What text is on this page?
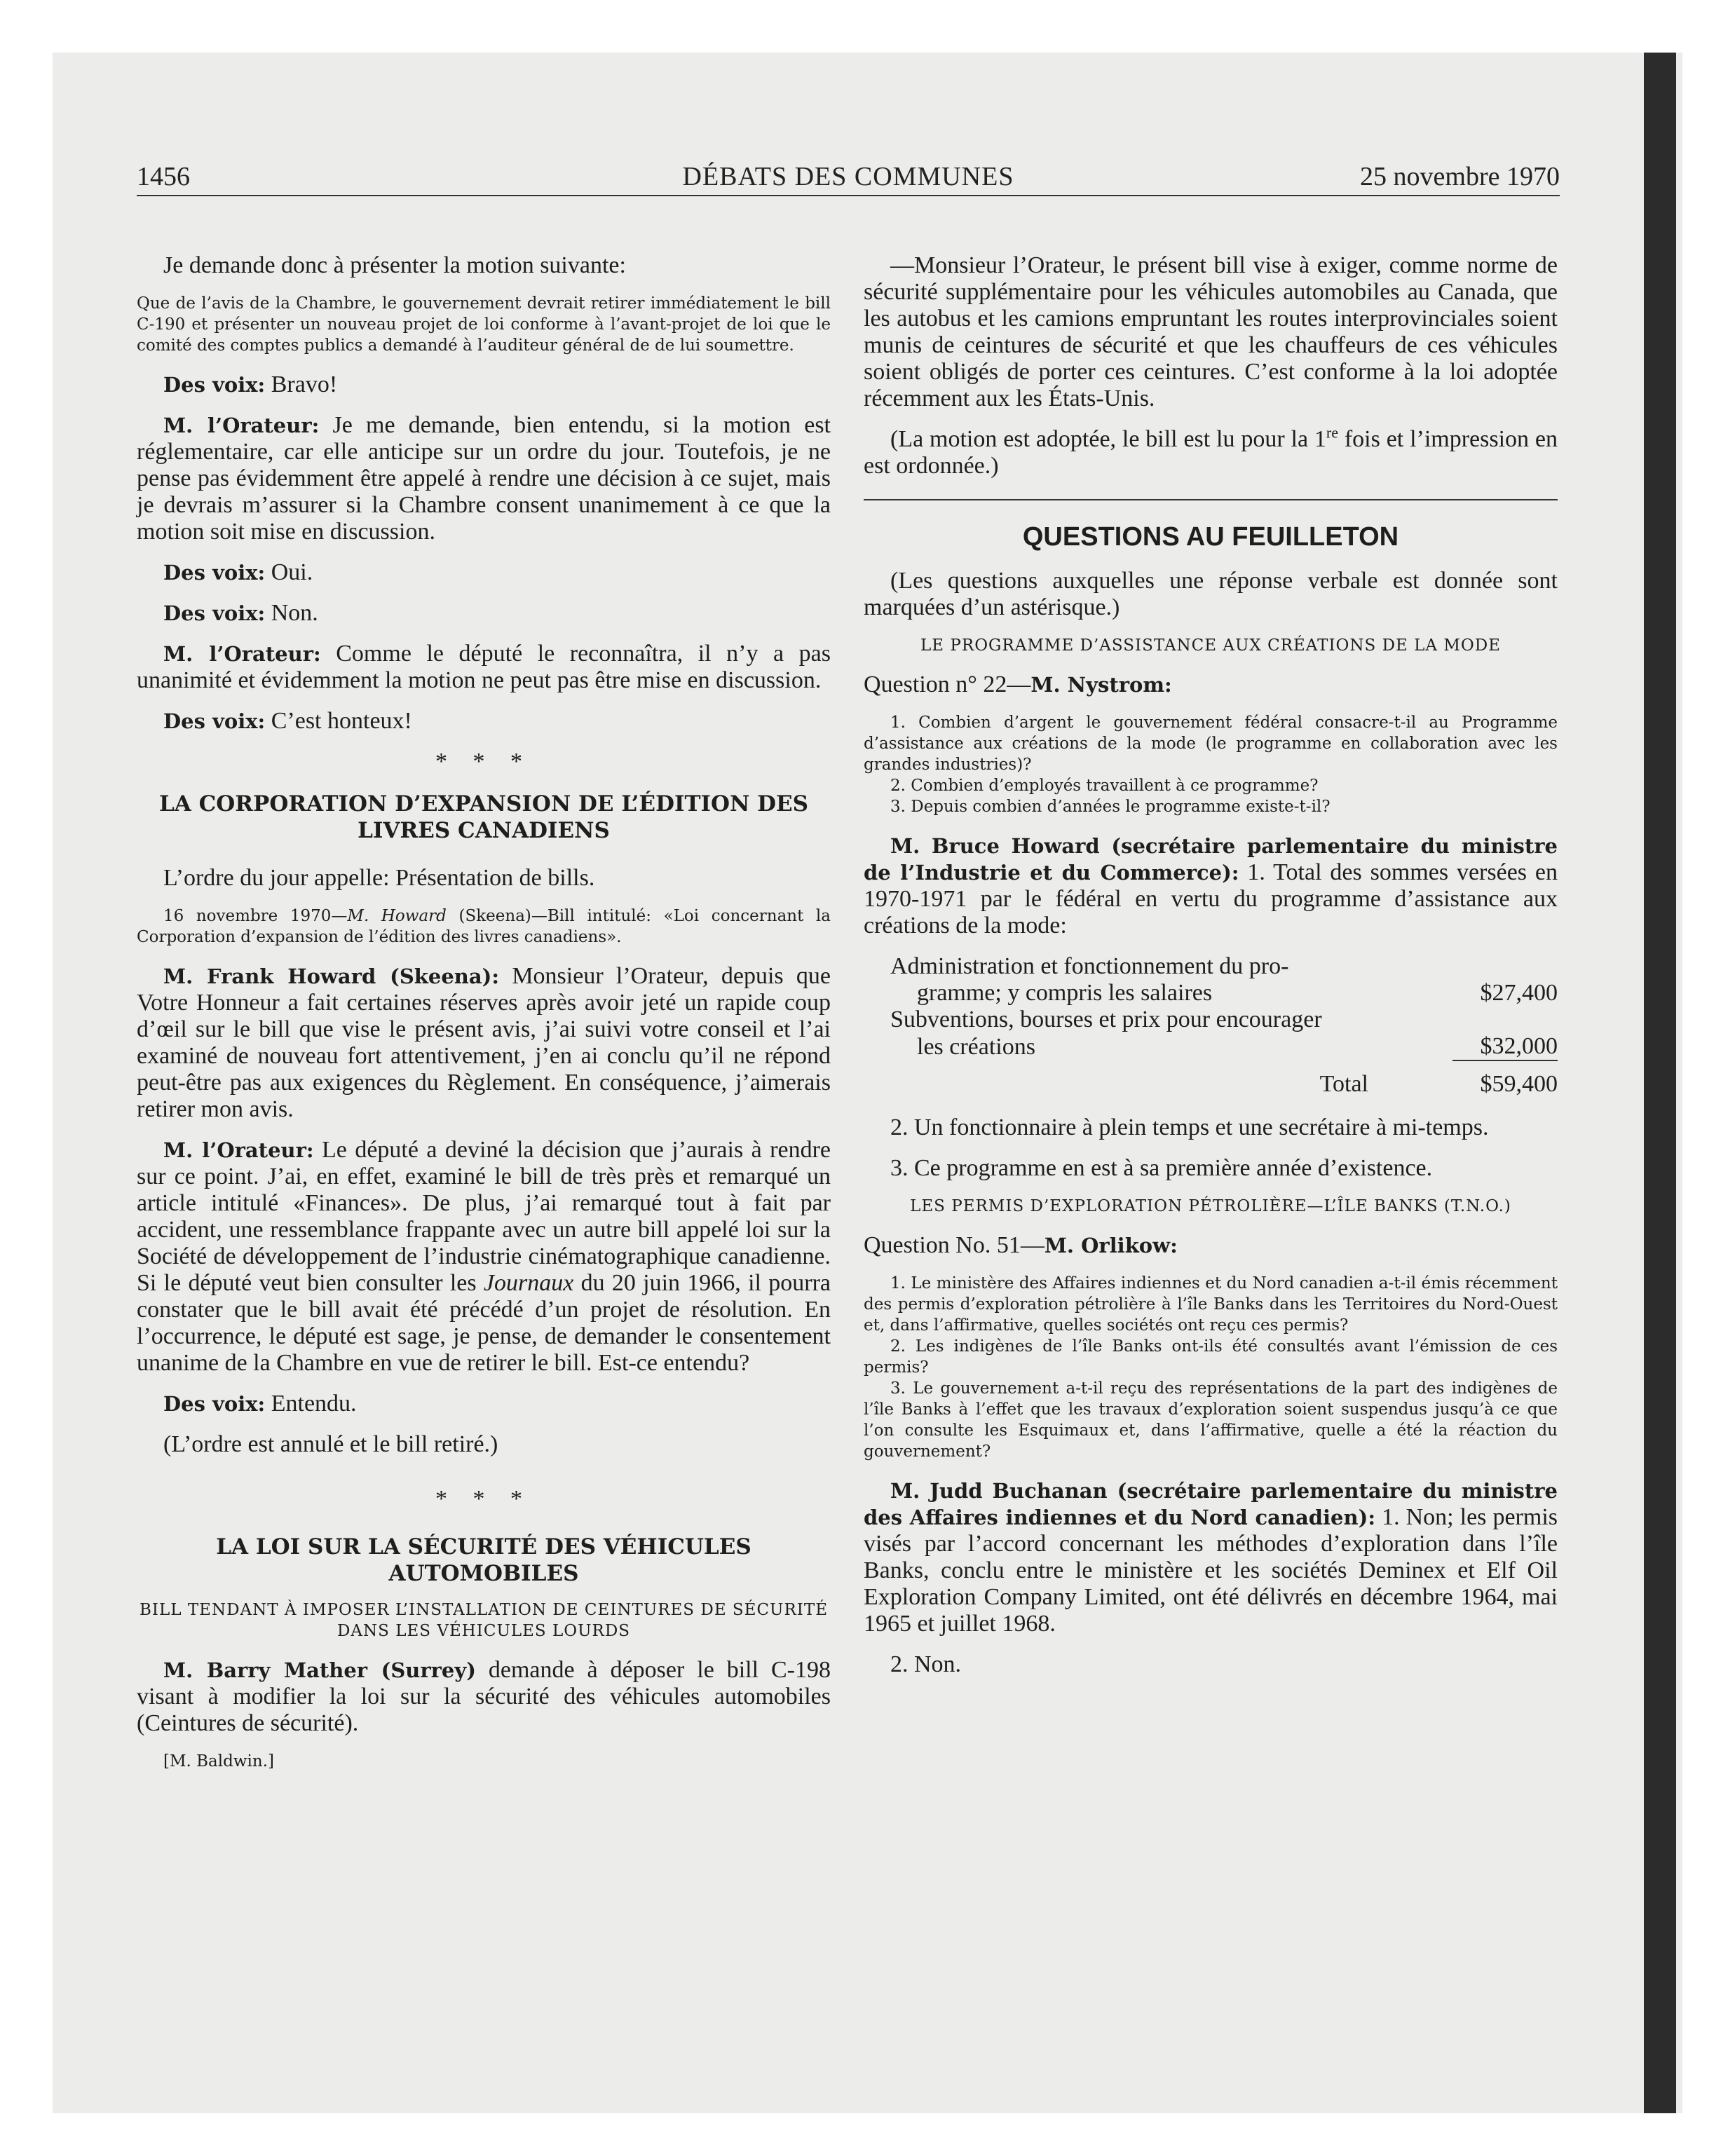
1456	DÉBATS DES COMMUNES	25 novembre 1970

Je demande donc à présenter la motion suivante:

Que de l’avis de la Chambre, le gouvernement devrait retirer immédiatement le bill C-190 et présenter un nouveau projet de loi conforme à l’avant-projet de loi que le comité des comptes publics a demandé à l’auditeur général de de lui soumettre.

Des voix: Bravo!

M. l’Orateur: Je me demande, bien entendu, si la motion est réglementaire, car elle anticipe sur un ordre du jour. Toutefois, je ne pense pas évidemment être appelé à rendre une décision à ce sujet, mais je devrais m’assurer si la Chambre consent unanimement à ce que la motion soit mise en discussion.

Des voix: Oui.

Des voix: Non.

M. l’Orateur: Comme le député le reconnaîtra, il n’y a pas unanimité et évidemment la motion ne peut pas être mise en discussion.

Des voix: C’est honteux!

* * *
LA CORPORATION D’EXPANSION DE L’ÉDITION DES LIVRES CANADIENS

L’ordre du jour appelle: Présentation de bills.

16 novembre 1970—M. Howard (Skeena)—Bill intitulé: «Loi concernant la Corporation d’expansion de l’édition des livres canadiens».

M. Frank Howard (Skeena): Monsieur l’Orateur, depuis que Votre Honneur a fait certaines réserves après avoir jeté un rapide coup d’œil sur le bill que vise le présent avis, j’ai suivi votre conseil et l’ai examiné de nouveau fort attentivement, j’en ai conclu qu’il ne répond peut-être pas aux exigences du Règlement. En conséquence, j’aimerais retirer mon avis.

M. l’Orateur: Le député a deviné la décision que j’aurais à rendre sur ce point. J’ai, en effet, examiné le bill de très près et remarqué un article intitulé «Finances». De plus, j’ai remarqué tout à fait par accident, une ressemblance frappante avec un autre bill appelé loi sur la Société de développement de l’industrie cinématographique canadienne. Si le député veut bien consulter les Journaux du 20 juin 1966, il pourra constater que le bill avait été précédé d’un projet de résolution. En l’occurrence, le député est sage, je pense, de demander le consentement unanime de la Chambre en vue de retirer le bill. Est-ce entendu?

Des voix: Entendu.

(L’ordre est annulé et le bill retiré.)

* * *
LA LOI SUR LA SÉCURITÉ DES VÉHICULES AUTOMOBILES
BILL TENDANT À IMPOSER L’INSTALLATION DE CEINTURES DE SÉCURITÉ DANS LES VÉHICULES LOURDS

M. Barry Mather (Surrey) demande à déposer le bill C-198 visant à modifier la loi sur la sécurité des véhicules automobiles (Ceintures de sécurité).

[M. Baldwin.]

—Monsieur l’Orateur, le présent bill vise à exiger, comme norme de sécurité supplémentaire pour les véhicules automobiles au Canada, que les autobus et les camions empruntant les routes interprovinciales soient munis de ceintures de sécurité et que les chauffeurs de ces véhicules soient obligés de porter ces ceintures. C’est conforme à la loi adoptée récemment aux les États-Unis.

(La motion est adoptée, le bill est lu pour la 1re fois et l’impression en est ordonnée.)

QUESTIONS AU FEUILLETON

(Les questions auxquelles une réponse verbale est donnée sont marquées d’un astérisque.)

LE PROGRAMME D’ASSISTANCE AUX CRÉATIONS DE LA MODE

Question n° 22—M. Nystrom:

1. Combien d’argent le gouvernement fédéral consacre-t-il au Programme d’assistance aux créations de la mode (le programme en collaboration avec les grandes industries)?
2. Combien d’employés travaillent à ce programme?
3. Depuis combien d’années le programme existe-t-il?

M. Bruce Howard (secrétaire parlementaire du ministre de l’Industrie et du Commerce): 1. Total des sommes versées en 1970-1971 par le fédéral en vertu du programme d’assistance aux créations de la mode:

Administration et fonctionnement du pro-	
gramme; y compris les salaires	$27,400
Subventions, bourses et prix pour encourager	
les créations	$32,000
Total	$59,400

2. Un fonctionnaire à plein temps et une secrétaire à mi-temps.

3. Ce programme en est à sa première année d’existence.

LES PERMIS D’EXPLORATION PÉTROLIÈRE—L’ÎLE BANKS (T.N.O.)

Question No. 51—M. Orlikow:

1. Le ministère des Affaires indiennes et du Nord canadien a-t-il émis récemment des permis d’exploration pétrolière à l’île Banks dans les Territoires du Nord-Ouest et, dans l’affirmative, quelles sociétés ont reçu ces permis?
2. Les indigènes de l’île Banks ont-ils été consultés avant l’émission de ces permis?
3. Le gouvernement a-t-il reçu des représentations de la part des indigènes de l’île Banks à l’effet que les travaux d’exploration soient suspendus jusqu’à ce que l’on consulte les Esquimaux et, dans l’affirmative, quelle a été la réaction du gouvernement?

M. Judd Buchanan (secrétaire parlementaire du ministre des Affaires indiennes et du Nord canadien): 1. Non; les permis visés par l’accord concernant les méthodes d’exploration dans l’île Banks, conclu entre le ministère et les sociétés Deminex et Elf Oil Exploration Company Limited, ont été délivrés en décembre 1964, mai 1965 et juillet 1968.

2. Non.
